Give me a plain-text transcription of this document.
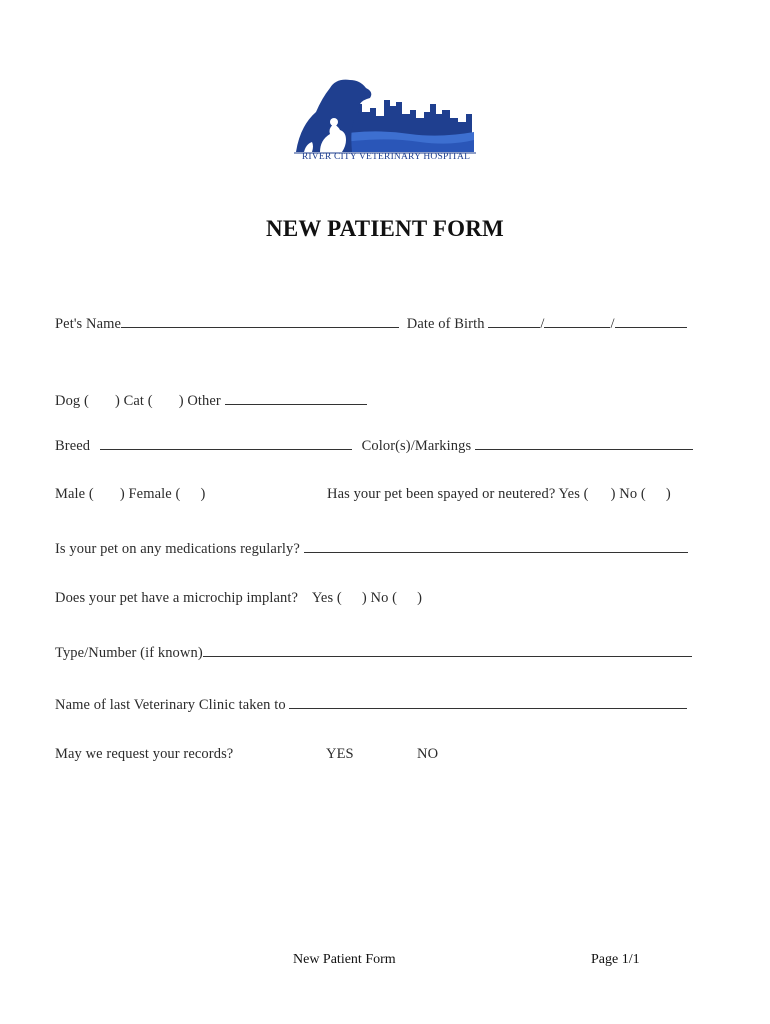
RIVER CITY VETERINARY HOSPITAL
NEW PATIENT FORM
Pet's Name	Date of Birth	/	/
Dog ( ) Cat ( ) Other
Breed	Color(s)/Markings
Male ( ) Female ( )	Has your pet been spayed or neutered? Yes ( ) No ( )
Is your pet on any medications regularly?
Does your pet have a microchip implant? Yes ( ) No ( )
Type/Number (if known)
Name of last Veterinary Clinic taken to
May we request your records?	YES	NO
New Patient Form	Page 1/1
